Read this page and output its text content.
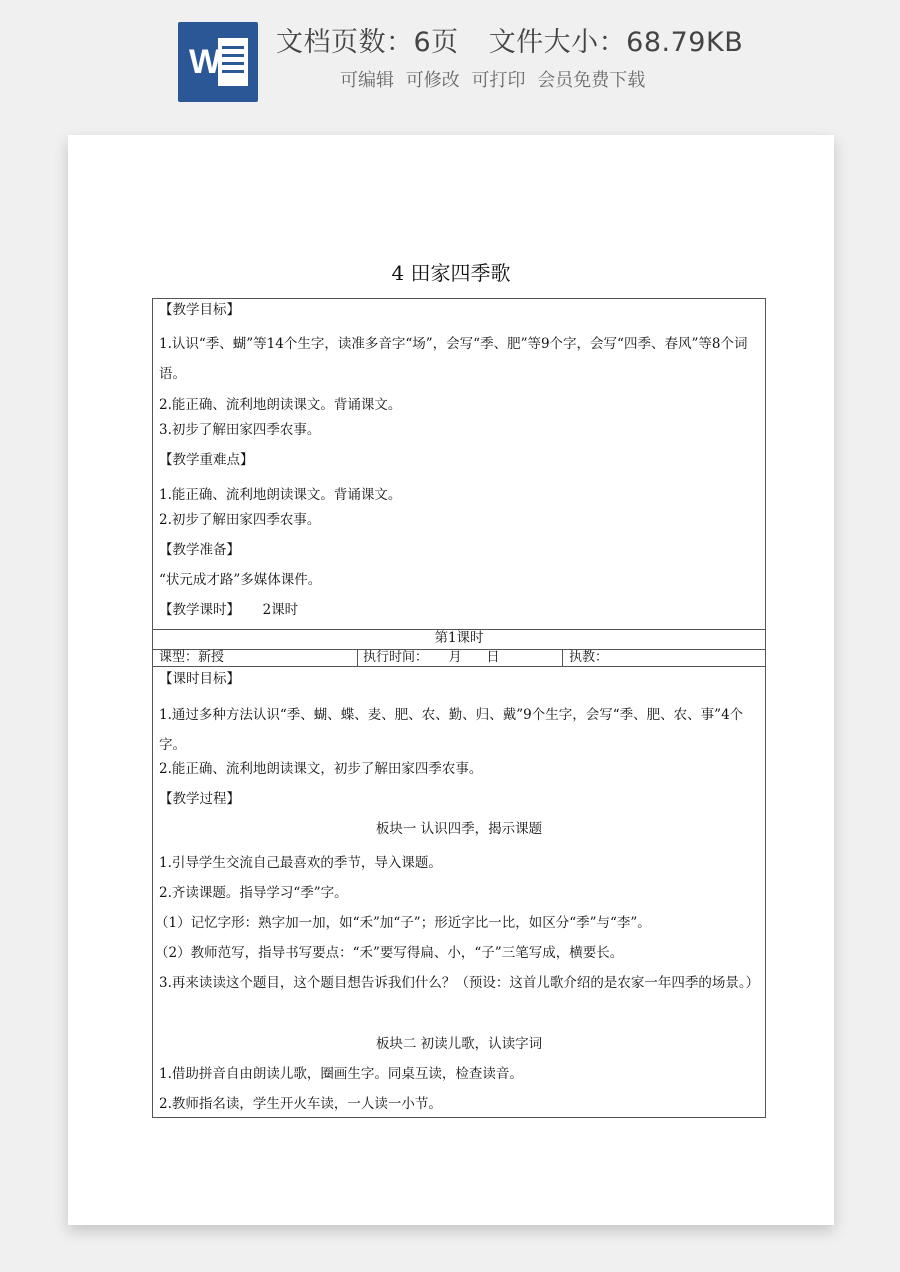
W
文档页数：6页 文件大小：68.79KB
可编辑 可修改 可打印 会员免费下载
4 田家四季歌
【教学目标】
1.认识“季、蝴”等14个生字，读准多音字“场”，会写“季、肥”等9个字，会写“四季、春风”等8个词语。
2.能正确、流利地朗读课文。背诵课文。
3.初步了解田家四季农事。
【教学重难点】
1.能正确、流利地朗读课文。背诵课文。
2.初步了解田家四季农事。
【教学准备】
“状元成才路”多媒体课件。
【教学课时】 2课时
第1课时
课型：新授	执行时间：     月      日	执教：
【课时目标】
1.通过多种方法认识“季、蝴、蝶、麦、肥、农、勤、归、戴”9个生字，会写“季、肥、农、事”4个字。
2.能正确、流利地朗读课文，初步了解田家四季农事。
【教学过程】
板块一 认识四季，揭示课题
1.引导学生交流自己最喜欢的季节，导入课题。
2.齐读课题。指导学习“季”字。
（1）记忆字形：熟字加一加，如“禾”加“子”；形近字比一比，如区分“季”与“李”。
（2）教师范写，指导书写要点：“禾”要写得扁、小，“子”三笔写成，横要长。
3.再来读读这个题目，这个题目想告诉我们什么？（预设：这首儿歌介绍的是农家一年四季的场景。）
板块二 初读儿歌，认读字词
1.借助拼音自由朗读儿歌，圈画生字。同桌互读，检查读音。
2.教师指名读，学生开火车读，一人读一小节。
